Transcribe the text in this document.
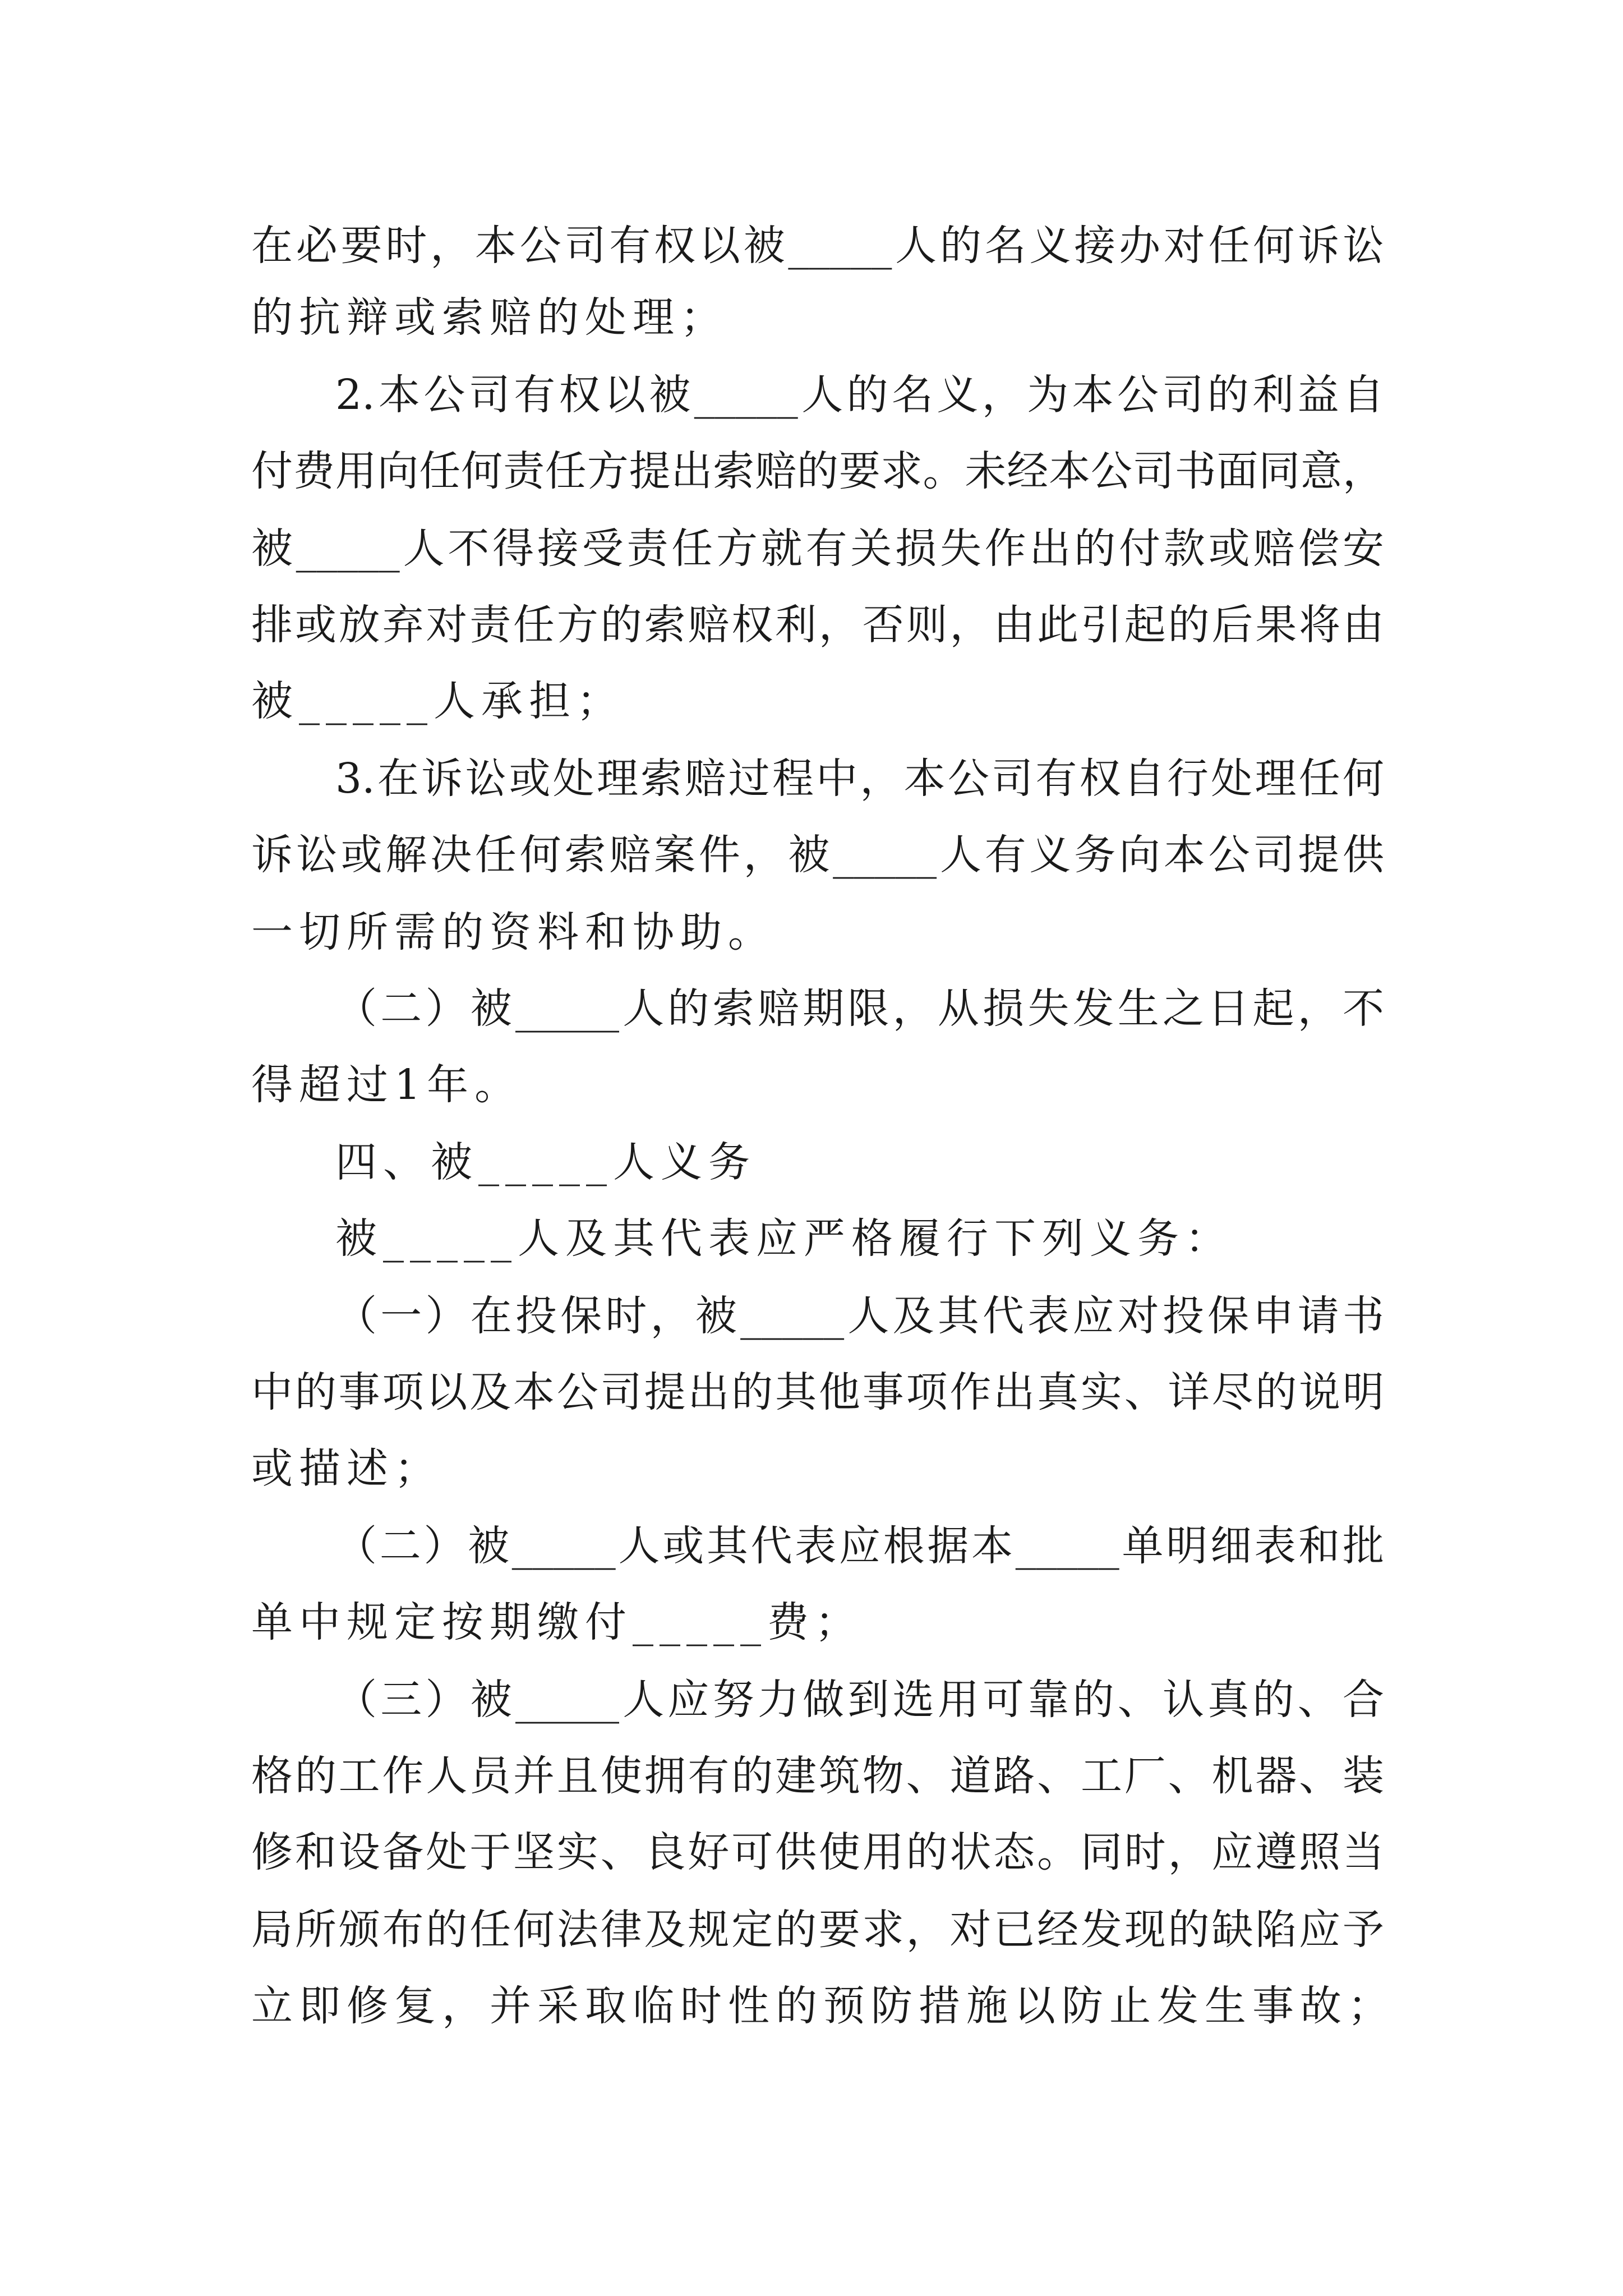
在必要时，本公司有权以被_____人的名义接办对任何诉讼
的抗辩或索赔的处理；
2.本公司有权以被_____人的名义，为本公司的利益自
付费用向任何责任方提出索赔的要求。未经本公司书面同意，
被_____人不得接受责任方就有关损失作出的付款或赔偿安
排或放弃对责任方的索赔权利，否则，由此引起的后果将由
被_____人承担；
3.在诉讼或处理索赔过程中，本公司有权自行处理任何
诉讼或解决任何索赔案件，被_____人有义务向本公司提供
一切所需的资料和协助。
（二）被_____人的索赔期限，从损失发生之日起，不
得超过1年。
四、被_____人义务
被_____人及其代表应严格履行下列义务：
（一）在投保时，被_____人及其代表应对投保申请书
中的事项以及本公司提出的其他事项作出真实、详尽的说明
或描述；
（二）被_____人或其代表应根据本_____单明细表和批
单中规定按期缴付_____费；
（三）被_____人应努力做到选用可靠的、认真的、合
格的工作人员并且使拥有的建筑物、道路、工厂、机器、装
修和设备处于坚实、良好可供使用的状态。同时，应遵照当
局所颁布的任何法律及规定的要求，对已经发现的缺陷应予
立即修复，并采取临时性的预防措施以防止发生事故；
